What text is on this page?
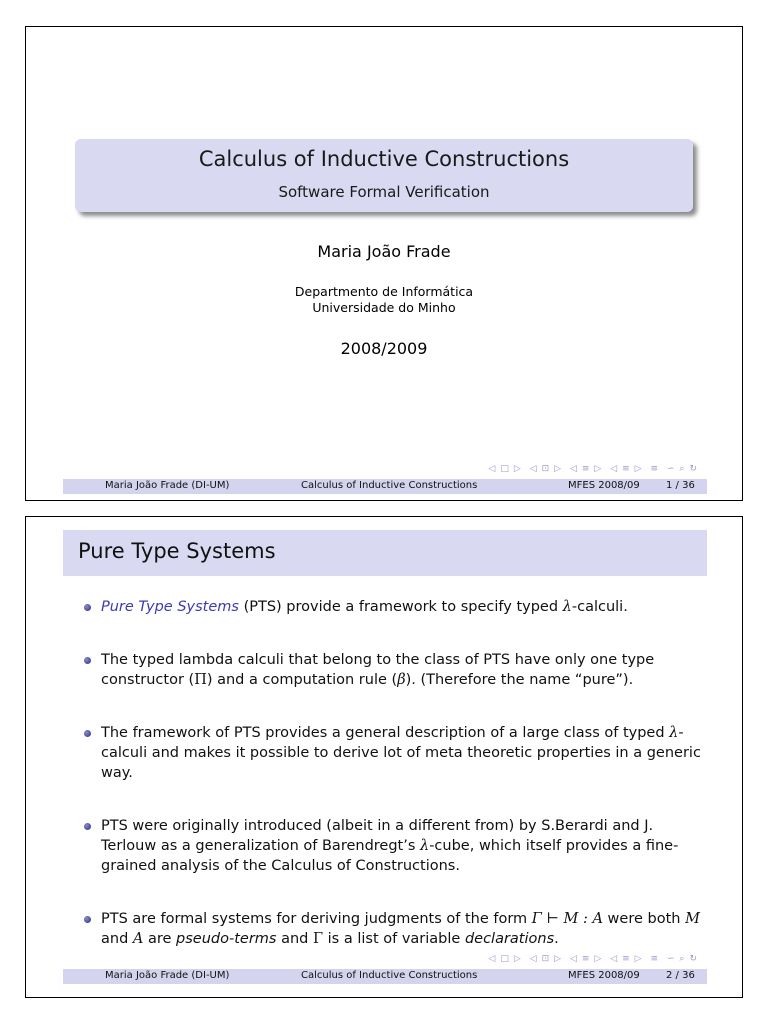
Calculus of Inductive Constructions
Software Formal Verification
Maria João Frade
Departmento de Informática
Universidade do Minho
2008/2009
◁ □ ▷ ◁ ⊡ ▷ ◁ ≡ ▷ ◁ ≡ ▷ ≡ ∽ ⌕ ↻
Maria João Frade (DI-UM)	Calculus of Inductive Constructions	MFES 2008/09	1 / 36
Pure Type Systems
Pure Type Systems (PTS) provide a framework to specify typed λ-calculi.
The typed lambda calculi that belong to the class of PTS have only one type constructor (Π) and a computation rule (β). (Therefore the name “pure”).
The framework of PTS provides a general description of a large class of typed λ-calculi and makes it possible to derive lot of meta theoretic properties in a generic way.
PTS were originally introduced (albeit in a different from) by S.Berardi and J. Terlouw as a generalization of Barendregt’s λ-cube, which itself provides a fine-grained analysis of the Calculus of Constructions.
PTS are formal systems for deriving judgments of the form Γ ⊢ M : A were both M and A are pseudo-terms and Γ is a list of variable declarations.
◁ □ ▷ ◁ ⊡ ▷ ◁ ≡ ▷ ◁ ≡ ▷ ≡ ∽ ⌕ ↻
Maria João Frade (DI-UM)	Calculus of Inductive Constructions	MFES 2008/09	2 / 36
